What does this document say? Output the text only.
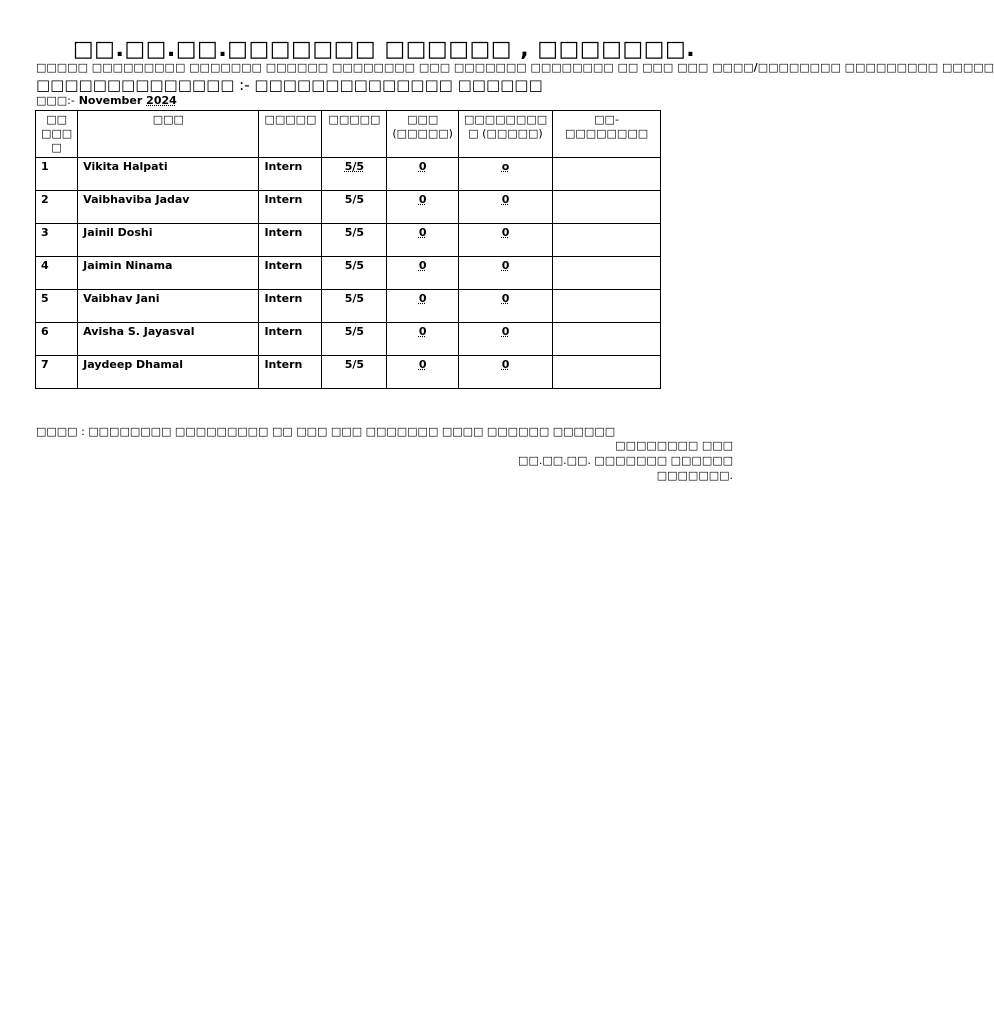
□□.□□.□□.□□□□□□□ □□□□□□ , □□□□□□□.
□□□□□ □□□□□□□□□ □□□□□□□ □□□□□□ □□□□□□□□ □□□ □□□□□□□ □□□□□□□□ □□ □□□ □□□ □□□□/□□□□□□□□ □□□□□□□□□ □□□□□
□□□□□□□□□□□□□□ :- □□□□□□□□□□□□□□ □□□□□□
□□□:- November 2024
□□ □□□ □	□□□	□□□□□	□□□□□	□□□ (□□□□□)	□□□□□□□□ □ (□□□□□)	□□-□□□□□□□□
1	Vikita Halpati	Intern	5/5	0	o	
2	Vaibhaviba Jadav	Intern	5/5	0	0	
3	Jainil Doshi	Intern	5/5	0	0	
4	Jaimin Ninama	Intern	5/5	0	0	
5	Vaibhav Jani	Intern	5/5	0	0	
6	Avisha S. Jayasval	Intern	5/5	0	0	
7	Jaydeep Dhamal	Intern	5/5	0	0	
□□□□ : □□□□□□□□ □□□□□□□□□ □□ □□□ □□□ □□□□□□□ □□□□ □□□□□□ □□□□□□
□□□□□□□□ □□□
□□.□□.□□. □□□□□□□ □□□□□□
□□□□□□□.
